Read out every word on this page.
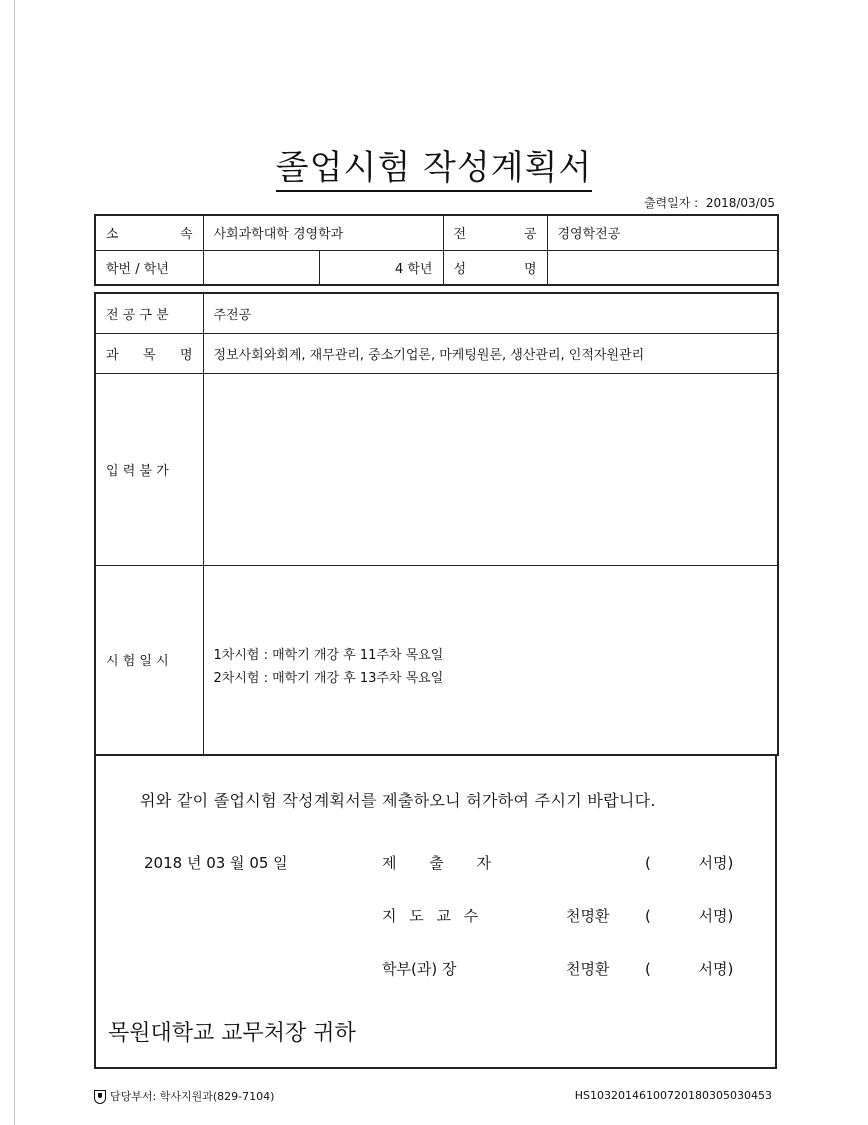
졸업시험 작성계획서
출력일자 : 2018/03/05
소 속	사회과학대학 경영학과		전 공	경영학전공
학번 / 학년		4 학년	성 명	

전 공 구 분	주전공

과 목 명	정보사회와회계, 재무관리, 중소기업론, 마케팅원론, 생산관리, 인적자원관리
입 력 불 가	
시 험 일 시	1차시험 : 매학기 개강 후 11주차 목요일
2차시험 : 매학기 개강 후 13주차 목요일
위와 같이 졸업시험 작성계획서를 제출하오니 허가하여 주시기 바랍니다.
2018 년 03 월 05 일	제 출 자	(          서명)
지 도 교 수	천명환 (          서명)
학부(과) 장	천명환 (          서명)
목원대학교 교무처장 귀하
담당부서: 학사지원과(829-7104)	HS1032014610072018030503045​3
